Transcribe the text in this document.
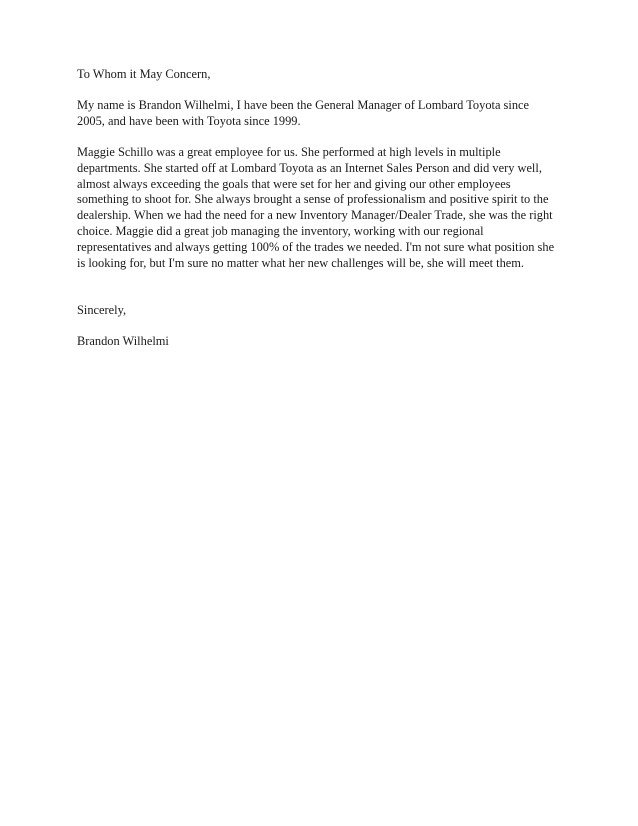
To Whom it May Concern,

My name is Brandon Wilhelmi, I have been the General Manager of Lombard Toyota since
2005, and have been with Toyota since 1999.

Maggie Schillo was a great employee for us. She performed at high levels in multiple
departments. She started off at Lombard Toyota as an Internet Sales Person and did very well,
almost always exceeding the goals that were set for her and giving our other employees
something to shoot for. She always brought a sense of professionalism and positive spirit to the
dealership. When we had the need for a new Inventory Manager/Dealer Trade, she was the right
choice. Maggie did a great job managing the inventory, working with our regional
representatives and always getting 100% of the trades we needed. I'm not sure what position she
is looking for, but I'm sure no matter what her new challenges will be, she will meet them.

Sincerely,

Brandon Wilhelmi
